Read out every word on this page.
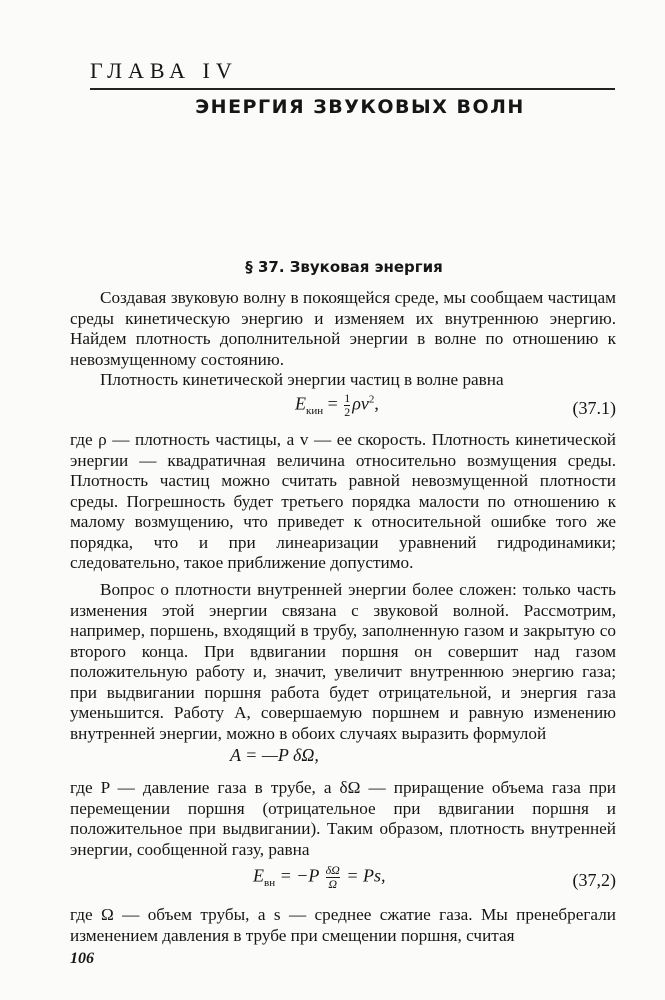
ГЛАВА IV
ЭНЕРГИЯ ЗВУКОВЫХ ВОЛН
§ 37. Звуковая энергия

Создавая звуковую волну в покоящейся среде, мы сообщаем частицам среды кинетическую энергию и изменяем их внутреннюю энергию. Найдем плотность дополнительной энергии в волне по отношению к невозмущенному состоянию.

Плотность кинетической энергии частиц в волне равна

$E_{кин} = \frac{1}{2} \rho v^2$,	(37.1)

где ρ — плотность частицы, а v — ее скорость. Плотность кинетической энергии — квадратичная величина относительно возмущения среды. Плотность частиц можно считать равной невозмущенной плотности среды. Погрешность будет третьего порядка малости по отношению к малому возмущению, что приведет к относительной ошибке того же порядка, что и при линеаризации уравнений гидродинамики; следовательно, такое приближение допустимо.

Вопрос о плотности внутренней энергии более сложен: только часть изменения этой энергии связана с звуковой волной. Рассмотрим, например, поршень, входящий в трубу, заполненную газом и закрытую со второго конца. При вдвигании поршня он совершит над газом положительную работу и, значит, увеличит внутреннюю энергию газа; при выдвигании поршня работа будет отрицательной, и энергия газа уменьшится. Работу A, совершаемую поршнем и равную изменению внутренней энергии, можно в обоих случаях выразить формулой

A = —P δΩ,

где P — давление газа в трубе, а δΩ — приращение объема газа при перемещении поршня (отрицательное при вдвигании поршня и положительное при выдвигании). Таким образом, плотность внутренней энергии, сообщенной газу, равна

$E_{вн} = -P \frac{\delta\Omega}{\Omega} = Ps$,	(37,2)

где Ω — объем трубы, а s — среднее сжатие газа. Мы пренебрегали изменением давления в трубе при смещении поршня, считая

106
